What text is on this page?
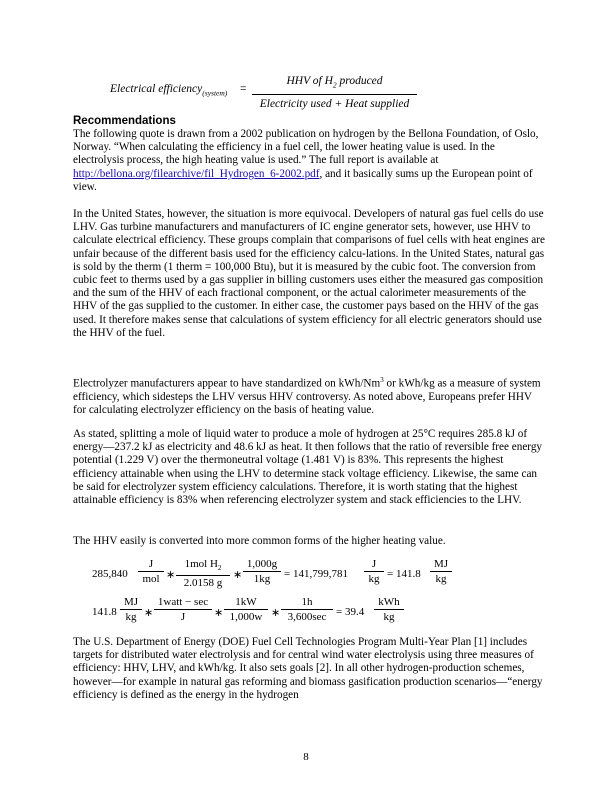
Electrical efficiency$_{(system)}$ =
HHV of $H_2$ produced
Electricity used + Heat supplied
Recommendations

The following quote is drawn from a 2002 publication on hydrogen by the Bellona Foundation, of Oslo, Norway. “When calculating the efficiency in a fuel cell, the lower heating value is used. In the electrolysis process, the high heating value is used.” The full report is available at http://bellona.org/filearchive/fil_Hydrogen_6-2002.pdf, and it basically sums up the European point of view.

In the United States, however, the situation is more equivocal. Developers of natural gas fuel cells do use LHV. Gas turbine manufacturers and manufacturers of IC engine generator sets, however, use HHV to calculate electrical efficiency. These groups complain that comparisons of fuel cells with heat engines are unfair because of the different basis used for the efficiency calcu-lations. In the United States, natural gas is sold by the therm (1 therm = 100,000 Btu), but it is measured by the cubic foot. The conversion from cubic feet to therms used by a gas supplier in billing customers uses either the measured gas composition and the sum of the HHV of each fractional component, or the actual calorimeter measurements of the HHV of the gas supplied to the customer. In either case, the customer pays based on the HHV of the gas used. It therefore makes sense that calculations of system efficiency for all electric generators should use the HHV of the fuel.

Electrolyzer manufacturers appear to have standardized on kWh/Nm$^3$ or kWh/kg as a measure of system efficiency, which sidesteps the LHV versus HHV controversy. As noted above, Europeans prefer HHV for calculating electrolyzer efficiency on the basis of heating value.

As stated, splitting a mole of liquid water to produce a mole of hydrogen at 25°C requires 285.8 kJ of energy—237.2 kJ as electricity and 48.6 kJ as heat. It then follows that the ratio of reversible free energy potential (1.229 V) over the thermoneutral voltage (1.481 V) is 83%. This represents the highest efficiency attainable when using the LHV to determine stack voltage efficiency. Likewise, the same can be said for electrolyzer system efficiency calculations. Therefore, it is worth stating that the highest attainable efficiency is 83% when referencing electrolyzer system and stack efficiencies to the LHV.

The HHV easily is converted into more common forms of the higher heating value.

285,840
J
mol ∗
1mol $H_2$
2.0158 g
∗
1,000g
1kg	= 141,799,781
J
kg = 141.8
MJ
kg
141.8
MJ
kg ∗
1watt − sec
J	∗
1kW
1,000w ∗
1h
3,600sec = 39.4
kWh
kg

The U.S. Department of Energy (DOE) Fuel Cell Technologies Program Multi-Year Plan [1] includes targets for distributed water electrolysis and for central wind water electrolysis using three measures of efficiency: HHV, LHV, and kWh/kg. It also sets goals [2]. In all other hydrogen-production schemes, however—for example in natural gas reforming and biomass gasification production scenarios—“energy efficiency is defined as the energy in the hydrogen

8
